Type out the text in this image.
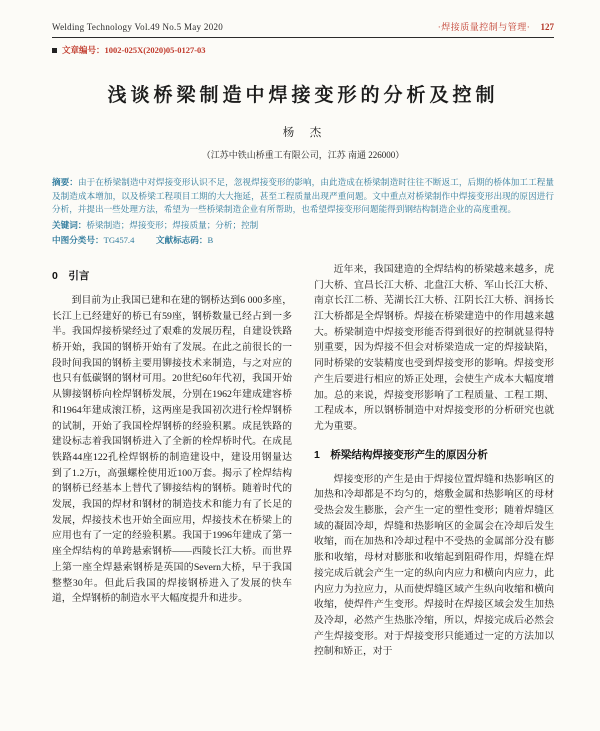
Welding Technology Vol.49 No.5 May 2020	·焊接质量控制与管理· 127
文章编号： 1002-025X(2020)05-0127-03
浅谈桥梁制造中焊接变形的分析及控制
杨　杰
（江苏中铁山桥重工有限公司，江苏 南通 226000）

摘要：由于在桥梁制造中对焊接变形认识不足，忽视焊接变形的影响，由此造成在桥梁制造时往往不断返工，后期的桥体加工工程量及制造成本增加，以及桥梁工程项目工期的大大拖延，甚至工程质量出现严重问题。文中重点对桥梁制作中焊接变形出现的原因进行分析，并提出一些处理方法，希望为一些桥梁制造企业有所帮助，也希望焊接变形问题能得到钢结构制造企业的高度重视。

关键词：桥梁制造；焊接变形；焊接质量；分析；控制

中图分类号：TG457.4	文献标志码：B

0　引言

到目前为止我国已建和在建的钢桥达到6 000多座，长江上已经建好的桥已有59座，钢桥数量已经占到一多半。我国焊接桥梁经过了艰难的发展历程，自建设铁路桥开始，我国的钢桥开始有了发展。在此之前很长的一段时间我国的钢桥主要用铆接技术来制造，与之对应的也只有低碳钢的钢材可用。20世纪60年代初，我国开始从铆接钢桥向栓焊钢桥发展，分别在1962年建成建容桥和1964年建成滚江桥，这两座是我国初次进行栓焊钢桥的试制，开始了我国栓焊钢桥的经验积累。成昆铁路的建设标志着我国钢桥进入了全新的栓焊桥时代。在成昆铁路44座122孔栓焊钢桥的制造建设中，建设用钢量达到了1.2万t，高强螺栓使用近100万套。揭示了栓焊结构的钢桥已经基本上替代了铆接结构的钢桥。随着时代的发展，我国的焊材和钢材的制造技术和能力有了长足的发展，焊接技术也开始全面应用，焊接技术在桥梁上的应用也有了一定的经验积累。我国于1996年建成了第一座全焊结构的单跨悬索钢桥——西陵长江大桥。而世界上第一座全焊悬索钢桥是英国的Severn大桥，早于我国整整30年。但此后我国的焊接钢桥进入了发展的快车道，全焊钢桥的制造水平大幅度提升和进步。

近年来，我国建造的全焊结构的桥梁越来越多，虎门大桥、宜昌长江大桥、北盘江大桥、军山长江大桥、南京长江二桥、芜湖长江大桥、江阴长江大桥、润扬长江大桥都是全焊钢桥。焊接在桥梁建造中的作用越来越大。桥梁制造中焊接变形能否得到很好的控制就显得特别重要，因为焊接不但会对桥梁造成一定的焊接缺陷，同时桥梁的安装精度也受到焊接变形的影响。焊接变形产生后要进行相应的矫正处理，会使生产成本大幅度增加。总的来说，焊接变形影响了工程质量、工程工期、工程成本，所以钢桥制造中对焊接变形的分析研究也就尤为重要。

1　桥梁结构焊接变形产生的原因分析

焊接变形的产生是由于焊接位置焊缝和热影响区的加热和冷却都是不均匀的，熔敷金属和热影响区的母材受热会发生膨胀，会产生一定的塑性变形；随着焊缝区域的凝固冷却，焊缝和热影响区的金属会在冷却后发生收缩，而在加热和冷却过程中不受热的金属部分没有膨胀和收缩，母材对膨胀和收缩起到阻碍作用，焊缝在焊接完成后就会产生一定的纵向内应力和横向内应力，此内应力为拉应力，从而使焊缝区域产生纵向收缩和横向收缩，使焊件产生变形。焊接时在焊接区域会发生加热及冷却，必然产生热胀冷缩，所以，焊接完成后必然会产生焊接变形。对于焊接变形只能通过一定的方法加以控制和矫正，对于
